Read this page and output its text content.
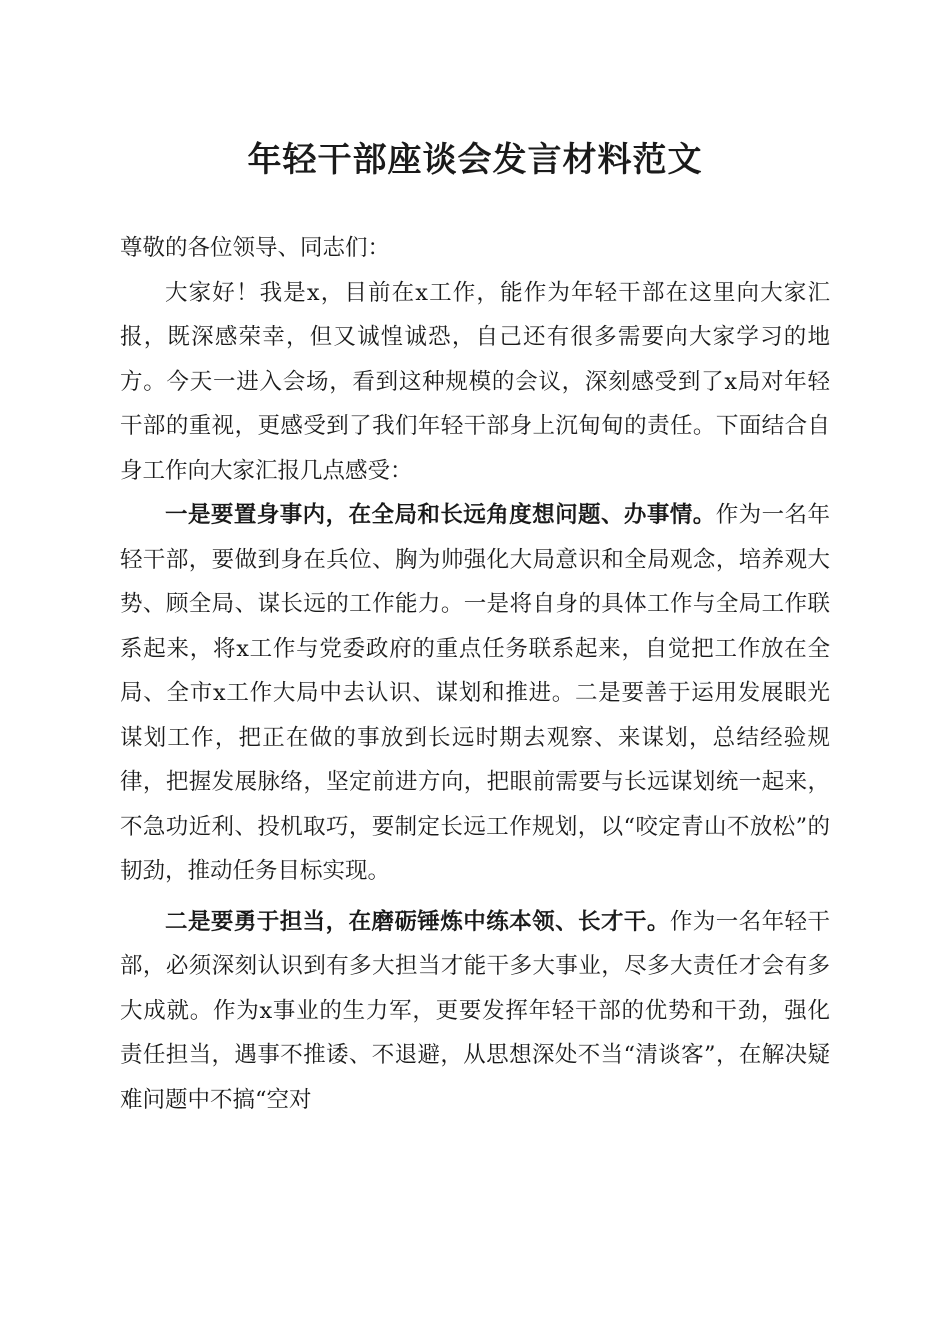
年轻干部座谈会发言材料范文

尊敬的各位领导、同志们：

大家好！我是x，目前在x工作，能作为年轻干部在这里向大家汇报，既深感荣幸，但又诚惶诚恐，自己还有很多需要向大家学习的地方。今天一进入会场，看到这种规模的会议，深刻感受到了x局对年轻干部的重视，更感受到了我们年轻干部身上沉甸甸的责任。下面结合自身工作向大家汇报几点感受：

一是要置身事内，在全局和长远角度想问题、办事情。作为一名年轻干部，要做到身在兵位、胸为帅强化大局意识和全局观念，培养观大势、顾全局、谋长远的工作能力。一是将自身的具体工作与全局工作联系起来，将x工作与党委政府的重点任务联系起来，自觉把工作放在全局、全市x工作大局中去认识、谋划和推进。二是要善于运用发展眼光谋划工作，把正在做的事放到长远时期去观察、来谋划，总结经验规律，把握发展脉络，坚定前进方向，把眼前需要与长远谋划统一起来，不急功近利、投机取巧，要制定长远工作规划，以“咬定青山不放松”的韧劲，推动任务目标实现。

二是要勇于担当，在磨砺锤炼中练本领、长才干。作为一名年轻干部，必须深刻认识到有多大担当才能干多大事业，尽多大责任才会有多大成就。作为x事业的生力军，更要发挥年轻干部的优势和干劲，强化责任担当，遇事不推诿、不退避，从思想深处不当“清谈客”，在解决疑难问题中不搞“空对
